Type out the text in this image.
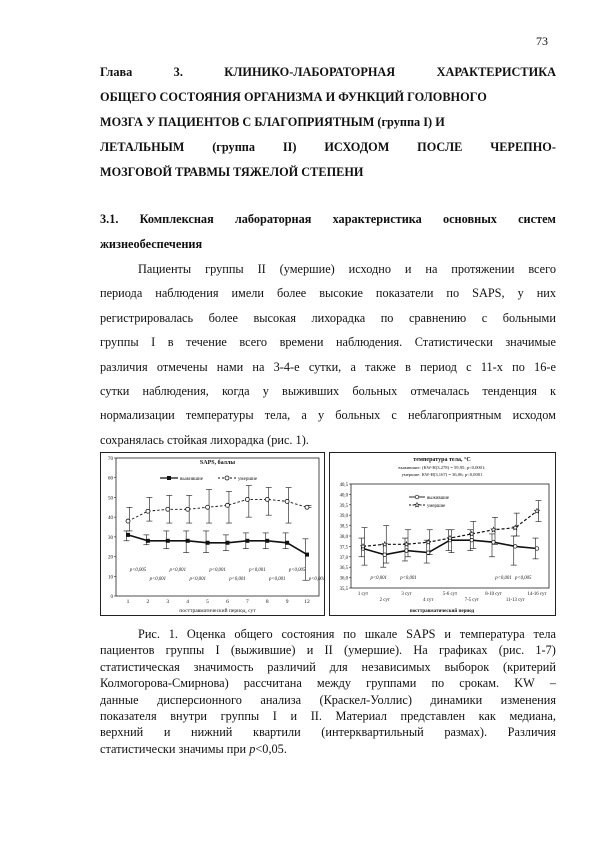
73
Глава	3.	КЛИНИКО-ЛАБОРАТОРНАЯ	ХАРАКТЕРИСТИКА
ОБЩЕГО СОСТОЯНИЯ ОРГАНИЗМА И ФУНКЦИЙ ГОЛОВНОГО
МОЗГА У ПАЦИЕНТОВ С БЛАГОПРИЯТНЫМ (группа I) И
ЛЕТАЛЬНЫМ (группа II) ИСХОДОМ ПОСЛЕ ЧЕРЕПНО-
МОЗГОВОЙ ТРАВМЫ ТЯЖЕЛОЙ СТЕПЕНИ
3.1. Комплексная лабораторная характеристика основных систем
жизнеобеспечения
Пациенты группы II (умершие) исходно и на протяжении всего
периода наблюдения имели более высокие показатели по SAPS, у них
регистрировалась более высокая лихорадка по сравнению с больными
группы I в течение всего времени наблюдения. Статистически значимые
различия отмечены нами на 3-4-е сутки, а также в период с 11-х по 16-е
сутки наблюдения, когда у выживших больных отмечалась тенденция к
нормализации температуры тела, а у больных с неблагоприятным исходом
сохранялась стойкая лихорадка (рис. 1).
0
10
20
30
40
50
60
70
1	2	3	4	5	6	7	8	9	12
SAPS, баллы
посттравматический период, сут
выжившие	умершие
p<0,005	p<0,001	p<0,001	p<0,001	p<0,005
p<0,001	p<0,001	p<0,001	p<0,001	p<0,001
35,5
36,0
36,5
37,0
37,5
38,0
38,5
39,0
39,5
40,0
40,5
температура тела, °C
выжившие: (KW-H(3,278) = 59,95; p<0,0001;
умершие: KW-H(3,167) = 36,06; p<0,0001
1 сут	3 сут	5-6 сут	8-10 сут	14-16 сут
2 сут	4 сут	7-5 сут	11-13 сут
посттравматический период
выжившие
умершие
p<0,001	p<0,001	p<0,001 p<0,005
Рис. 1. Оценка общего состояния по шкале SAPS и температура тела
пациентов группы I (выжившие) и II (умершие). На графиках (рис. 1-7)
статистическая значимость различий для независимых выборок (критерий
Колмогорова-Смирнова) рассчитана между группами по срокам. KW –
данные дисперсионного анализа (Краскел-Уоллис) динамики изменения
показателя внутри группы I и II. Материал представлен как медиана,
верхний и нижний квартили (интерквартильный размах). Различия
статистически значимы при p<0,05.
